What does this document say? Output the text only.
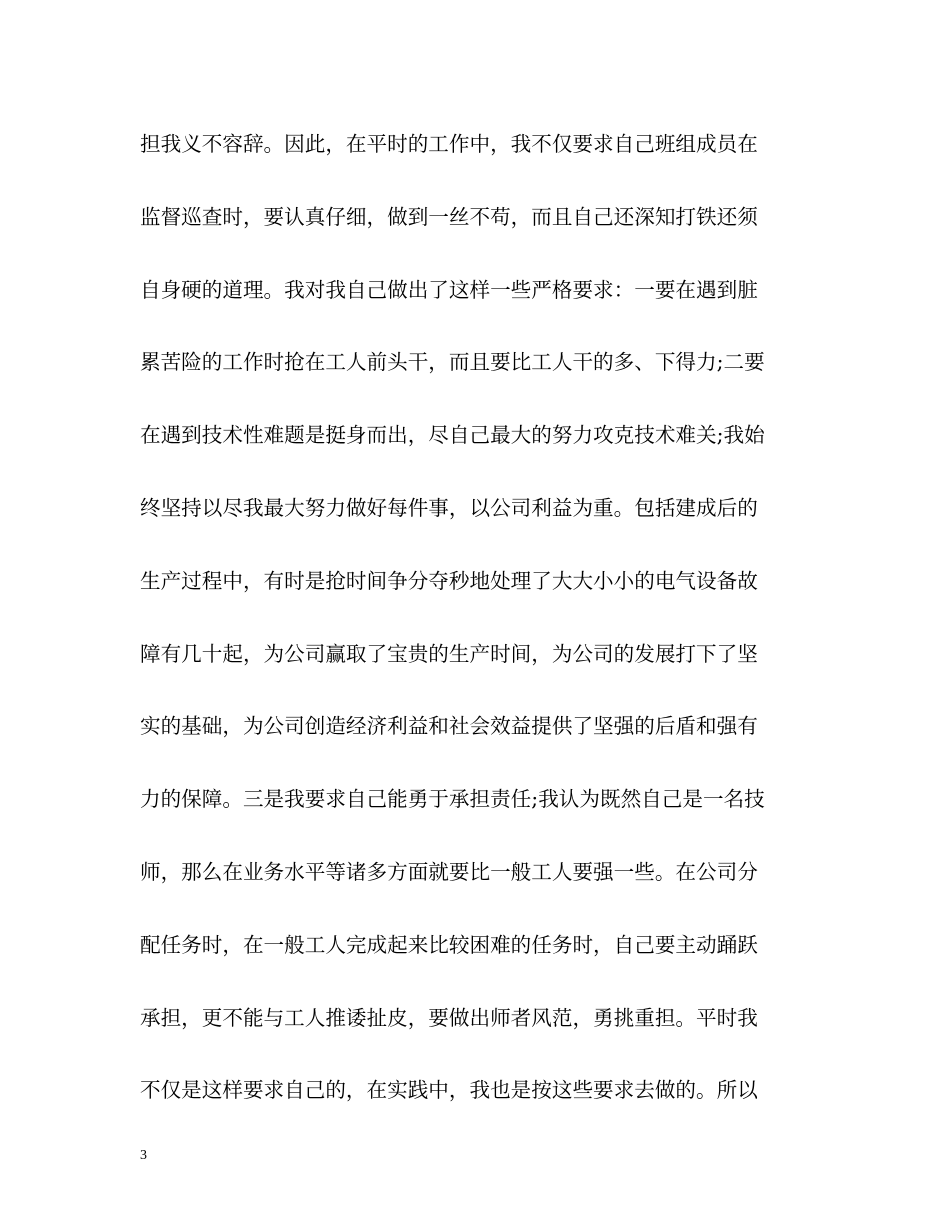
担我义不容辞。因此，在平时的工作中，我不仅要求自己班组成员在
监督巡查时，要认真仔细，做到一丝不苟，而且自己还深知打铁还须
自身硬的道理。我对我自己做出了这样一些严格要求：一要在遇到脏
累苦险的工作时抢在工人前头干，而且要比工人干的多、下得力;二要
在遇到技术性难题是挺身而出，尽自己最大的努力攻克技术难关;我始
终坚持以尽我最大努力做好每件事，以公司利益为重。包括建成后的
生产过程中，有时是抢时间争分夺秒地处理了大大小小的电气设备故
障有几十起，为公司赢取了宝贵的生产时间，为公司的发展打下了坚
实的基础，为公司创造经济利益和社会效益提供了坚强的后盾和强有
力的保障。三是我要求自己能勇于承担责任;我认为既然自己是一名技
师，那么在业务水平等诸多方面就要比一般工人要强一些。在公司分
配任务时，在一般工人完成起来比较困难的任务时，自己要主动踊跃
承担，更不能与工人推诿扯皮，要做出师者风范，勇挑重担。平时我
不仅是这样要求自己的，在实践中，我也是按这些要求去做的。所以
3
